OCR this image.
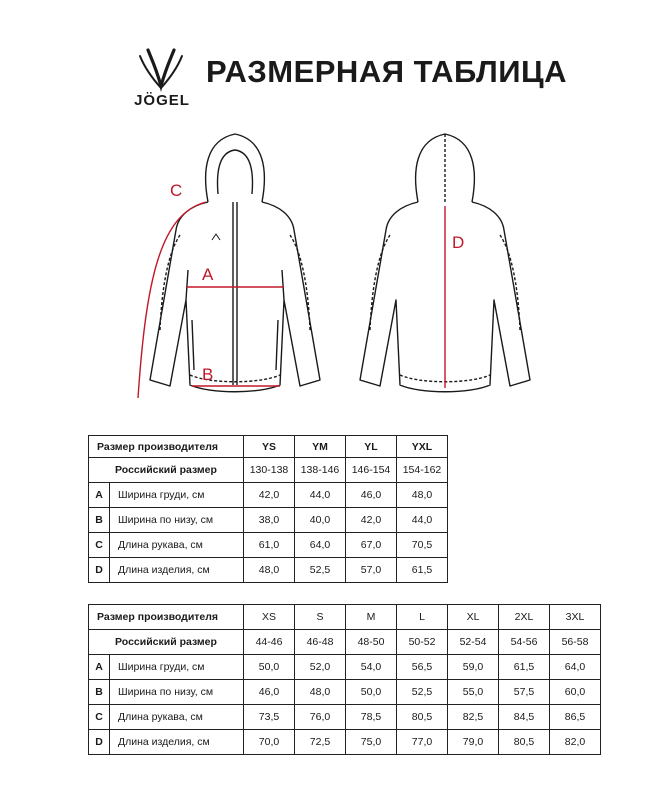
JÖGEL
РАЗМЕРНАЯ ТАБЛИЦА
A
B
C
D
Размер производителя		YS	YM	YL	YXL
Российский размер		130-138	138-146	146-154	154-162
A	Ширина груди, см	42,0	44,0	46,0	48,0
B	Ширина по низу, см	38,0	40,0	42,0	44,0
C	Длина рукава, см	61,0	64,0	67,0	70,5
D	Длина изделия, см	48,0	52,5	57,0	61,5
Размер производителя		XS	S	M	L	XL	2XL	3XL
Российский размер		44-46	46-48	48-50	50-52	52-54	54-56	56-58
A	Ширина груди, см	50,0	52,0	54,0	56,5	59,0	61,5	64,0
B	Ширина по низу, см	46,0	48,0	50,0	52,5	55,0	57,5	60,0
C	Длина рукава, см	73,5	76,0	78,5	80,5	82,5	84,5	86,5
D	Длина изделия, см	70,0	72,5	75,0	77,0	79,0	80,5	82,0
